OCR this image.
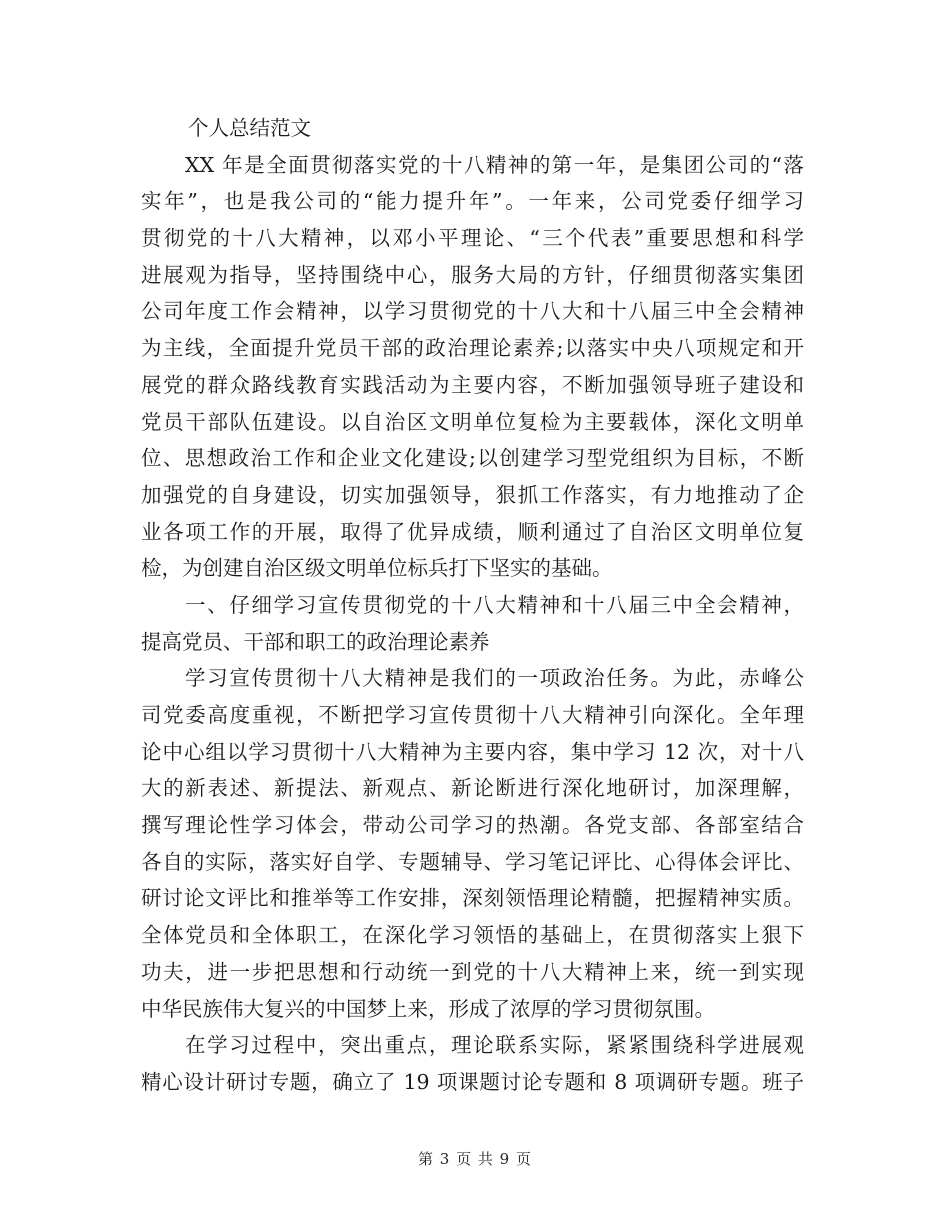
个人总结范文
XX 年是全面贯彻落实党的十八精神的第一年，是集团公司的“落
实年”，也是我公司的“能力提升年”。一年来，公司党委仔细学习
贯彻党的十八大精神，以邓小平理论、“三个代表”重要思想和科学
进展观为指导，坚持围绕中心，服务大局的方针，仔细贯彻落实集团
公司年度工作会精神，以学习贯彻党的十八大和十八届三中全会精神
为主线，全面提升党员干部的政治理论素养;以落实中央八项规定和开
展党的群众路线教育实践活动为主要内容，不断加强领导班子建设和
党员干部队伍建设。以自治区文明单位复检为主要载体，深化文明单
位、思想政治工作和企业文化建设;以创建学习型党组织为目标，不断
加强党的自身建设，切实加强领导，狠抓工作落实，有力地推动了企
业各项工作的开展，取得了优异成绩，顺利通过了自治区文明单位复
检，为创建自治区级文明单位标兵打下坚实的基础。
一、仔细学习宣传贯彻党的十八大精神和十八届三中全会精神，
提高党员、干部和职工的政治理论素养
学习宣传贯彻十八大精神是我们的一项政治任务。为此，赤峰公
司党委高度重视，不断把学习宣传贯彻十八大精神引向深化。全年理
论中心组以学习贯彻十八大精神为主要内容，集中学习 12 次，对十八
大的新表述、新提法、新观点、新论断进行深化地研讨，加深理解，
撰写理论性学习体会，带动公司学习的热潮。各党支部、各部室结合
各自的实际，落实好自学、专题辅导、学习笔记评比、心得体会评比、
研讨论文评比和推举等工作安排，深刻领悟理论精髓，把握精神实质。
全体党员和全体职工，在深化学习领悟的基础上，在贯彻落实上狠下
功夫，进一步把思想和行动统一到党的十八大精神上来，统一到实现
中华民族伟大复兴的中国梦上来，形成了浓厚的学习贯彻氛围。
在学习过程中，突出重点，理论联系实际，紧紧围绕科学进展观
精心设计研讨专题，确立了 19 项课题讨论专题和 8 项调研专题。班子
第 3 页 共 9 页
